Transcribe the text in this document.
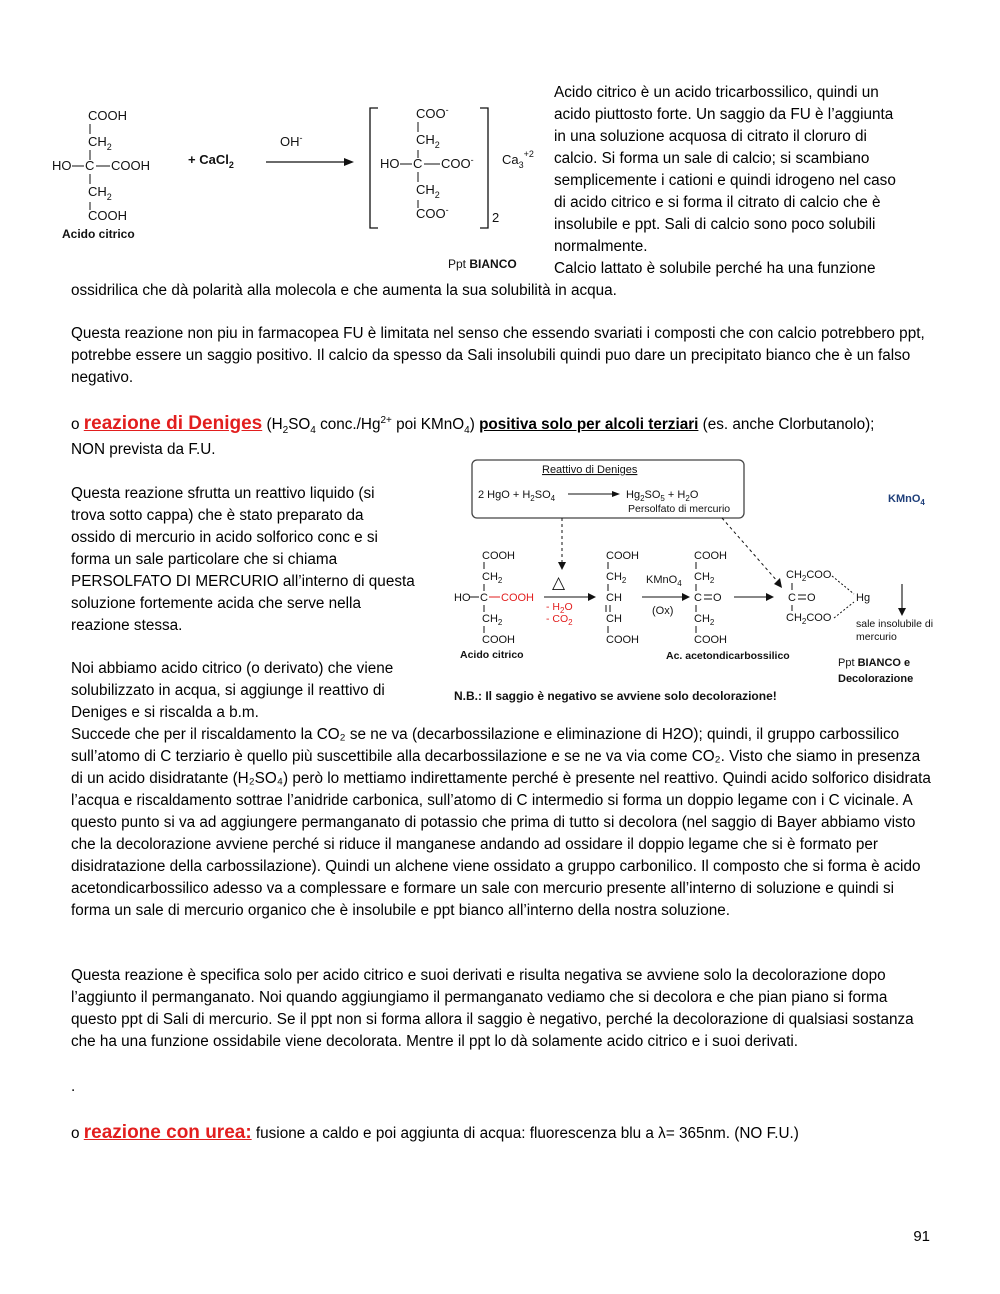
COOH
$CH_2$
HO C COOH
$CH_2$
COOH
Acido citrico
+ CaCl$_2$
OH-
COO-
$CH_2$
HO C COO-
$CH_2$
COO-	2
$Ca_3^{+2}$
Ppt BIANCO
Acido citrico è un acido tricarbossilico, quindi un
acido piuttosto forte. Un saggio da FU è l’aggiunta
in una soluzione acquosa di citrato il cloruro di
calcio. Si forma un sale di calcio; si scambiano
semplicemente i cationi e quindi idrogeno nel caso
di acido citrico e si forma il citrato di calcio che è
insolubile e ppt. Sali di calcio sono poco solubili
normalmente.
Calcio lattato è solubile perché ha una funzione
ossidrilica che dà polarità alla molecola e che aumenta la sua solubilità in acqua.
Questa reazione non piu in farmacopea FU è limitata nel senso che essendo svariati i composti che con calcio potrebbero ppt, potrebbe essere un saggio positivo. Il calcio da spesso da Sali insolubili quindi puo dare un precipitato bianco che è un falso negativo.
o reazione di Deniges ($H_2SO_4$ $conc./Hg^{2+}$ poi KMnO$_4$) positiva solo per alcoli terziari (es. anche Clorbutanolo);
NON prevista da F.U.
Questa reazione sfrutta un reattivo liquido (si
trova sotto cappa) che è stato preparato da
ossido di mercurio in acido solforico conc e si
forma un sale particolare che si chiama
PERSOLFATO DI MERCURIO all’interno di questa
soluzione fortemente acida che serve nella
reazione stessa.
Noi abbiamo acido citrico (o derivato) che viene
solubilizzato in acqua, si aggiunge il reattivo di
Deniges e si riscalda a b.m.
Reattivo di Deniges
2 HgO + $H_2SO_4$	$Hg_2SO_5 + H_2O$
Persolfato di mercurio
KMnO$_4$
COOH
$CH_2$
HO C COOH
$CH_2$
COOH
Acido citrico
△
- $H_2O$
- $CO_2$
COOH
$CH_2$
CH
CH
COOH
KMnO$_4$
(Ox)
COOH
$CH_2$
C O
$CH_2$
COOH
Ac. acetondicarbossilico
$CH_2COO$
C O
$CH_2COO$
Hg
sale insolubile di
mercurio
Ppt BIANCO e
Decolorazione
N.B.: Il saggio è negativo se avviene solo decolorazione!
Succede che per il riscaldamento la CO₂ se ne va (decarbossilazione e eliminazione di H2O); quindi, il gruppo carbossilico sull’atomo di C terziario è quello più suscettibile alla decarbossilazione e se ne va via come CO₂. Visto che siamo in presenza di un acido disidratante (H₂SO₄) però lo mettiamo indirettamente perché è presente nel reattivo. Quindi acido solforico disidrata l’acqua e riscaldamento sottrae l’anidride carbonica, sull’atomo di C intermedio si forma un doppio legame con i C vicinale. A questo punto si va ad aggiungere permanganato di potassio che prima di tutto si decolora (nel saggio di Bayer abbiamo visto che la decolorazione avviene perché si riduce il manganese andando ad ossidare il doppio legame che si è formato per disidratazione della carbossilazione). Quindi un alchene viene ossidato a gruppo carbonilico. Il composto che si forma è acido acetondicarbossilico adesso va a complessare e formare un sale con mercurio presente all’interno di soluzione e quindi si forma un sale di mercurio organico che è insolubile e ppt bianco all’interno della nostra soluzione.
Questa reazione è specifica solo per acido citrico e suoi derivati e risulta negativa se avviene solo la decolorazione dopo l’aggiunto il permanganato. Noi quando aggiungiamo il permanganato vediamo che si decolora e che pian piano si forma questo ppt di Sali di mercurio. Se il ppt non si forma allora il saggio è negativo, perché la decolorazione di qualsiasi sostanza che ha una funzione ossidabile viene decolorata. Mentre il ppt lo dà solamente acido citrico e i suoi derivati.
.
o reazione con urea: fusione a caldo e poi aggiunta di acqua: fluorescenza blu a λ= 365nm. (NO F.U.)
91
